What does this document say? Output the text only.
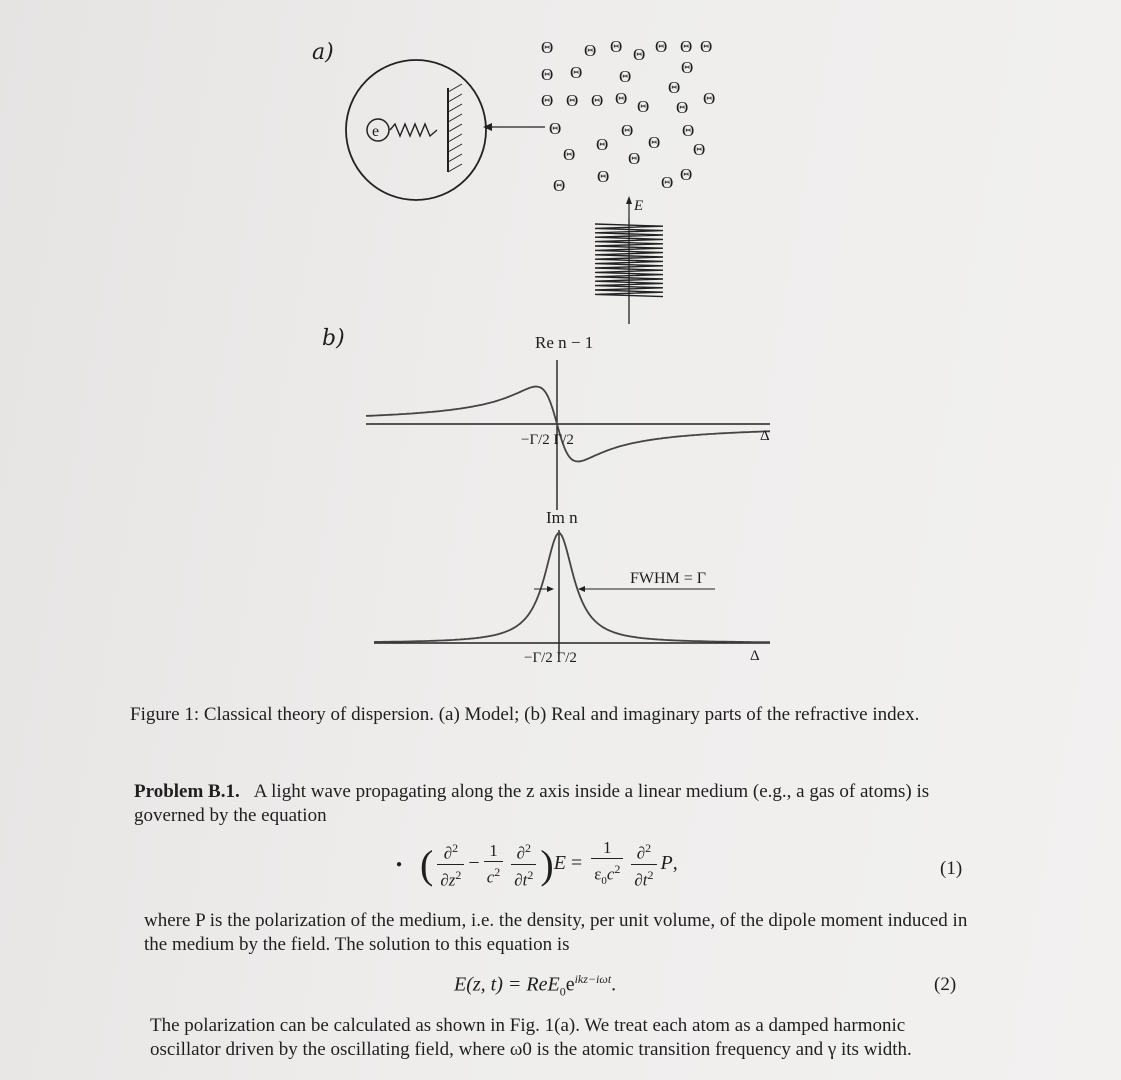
a)
b)
e
Θ Θ Θ Θ Θ Θ Θ
Θ Θ Θ	Θ
Θ
Θ Θ Θ Θ Θ Θ Θ
Θ
Θ
Θ
Θ
Θ
Θ
Θ	Θ
Θ Θ	Θ Θ
E
Re n − 1
−Γ/2 Γ/2	Δ
Im n
FWHM = Γ
−Γ/2 Γ/2	Δ
Figure 1: Classical theory of dispersion. (a) Model; (b) Real and imaginary parts of the refractive index.
Problem B.1. A light wave propagating along the z axis inside a linear medium (e.g., a gas of atoms) is governed by the equation
● ( $\frac{\partial^2}{\partial z^2} - \frac{1}{c^2} \frac{\partial^2}{\partial t^2} )E = \frac{1}{\varepsilon_0c^2} \frac{\partial^2}{\partial t^2} P$,	(1)
where P is the polarization of the medium, i.e. the density, per unit volume, of the dipole moment induced in the medium by the field. The solution to this equation is
E(z, $t) = ReE_0e^{ikz-i\omega t}$.	(2)
The polarization can be calculated as shown in Fig. 1(a). We treat each atom as a damped harmonic oscillator driven by the oscillating field, where ω0 is the atomic transition frequency and γ its width.
